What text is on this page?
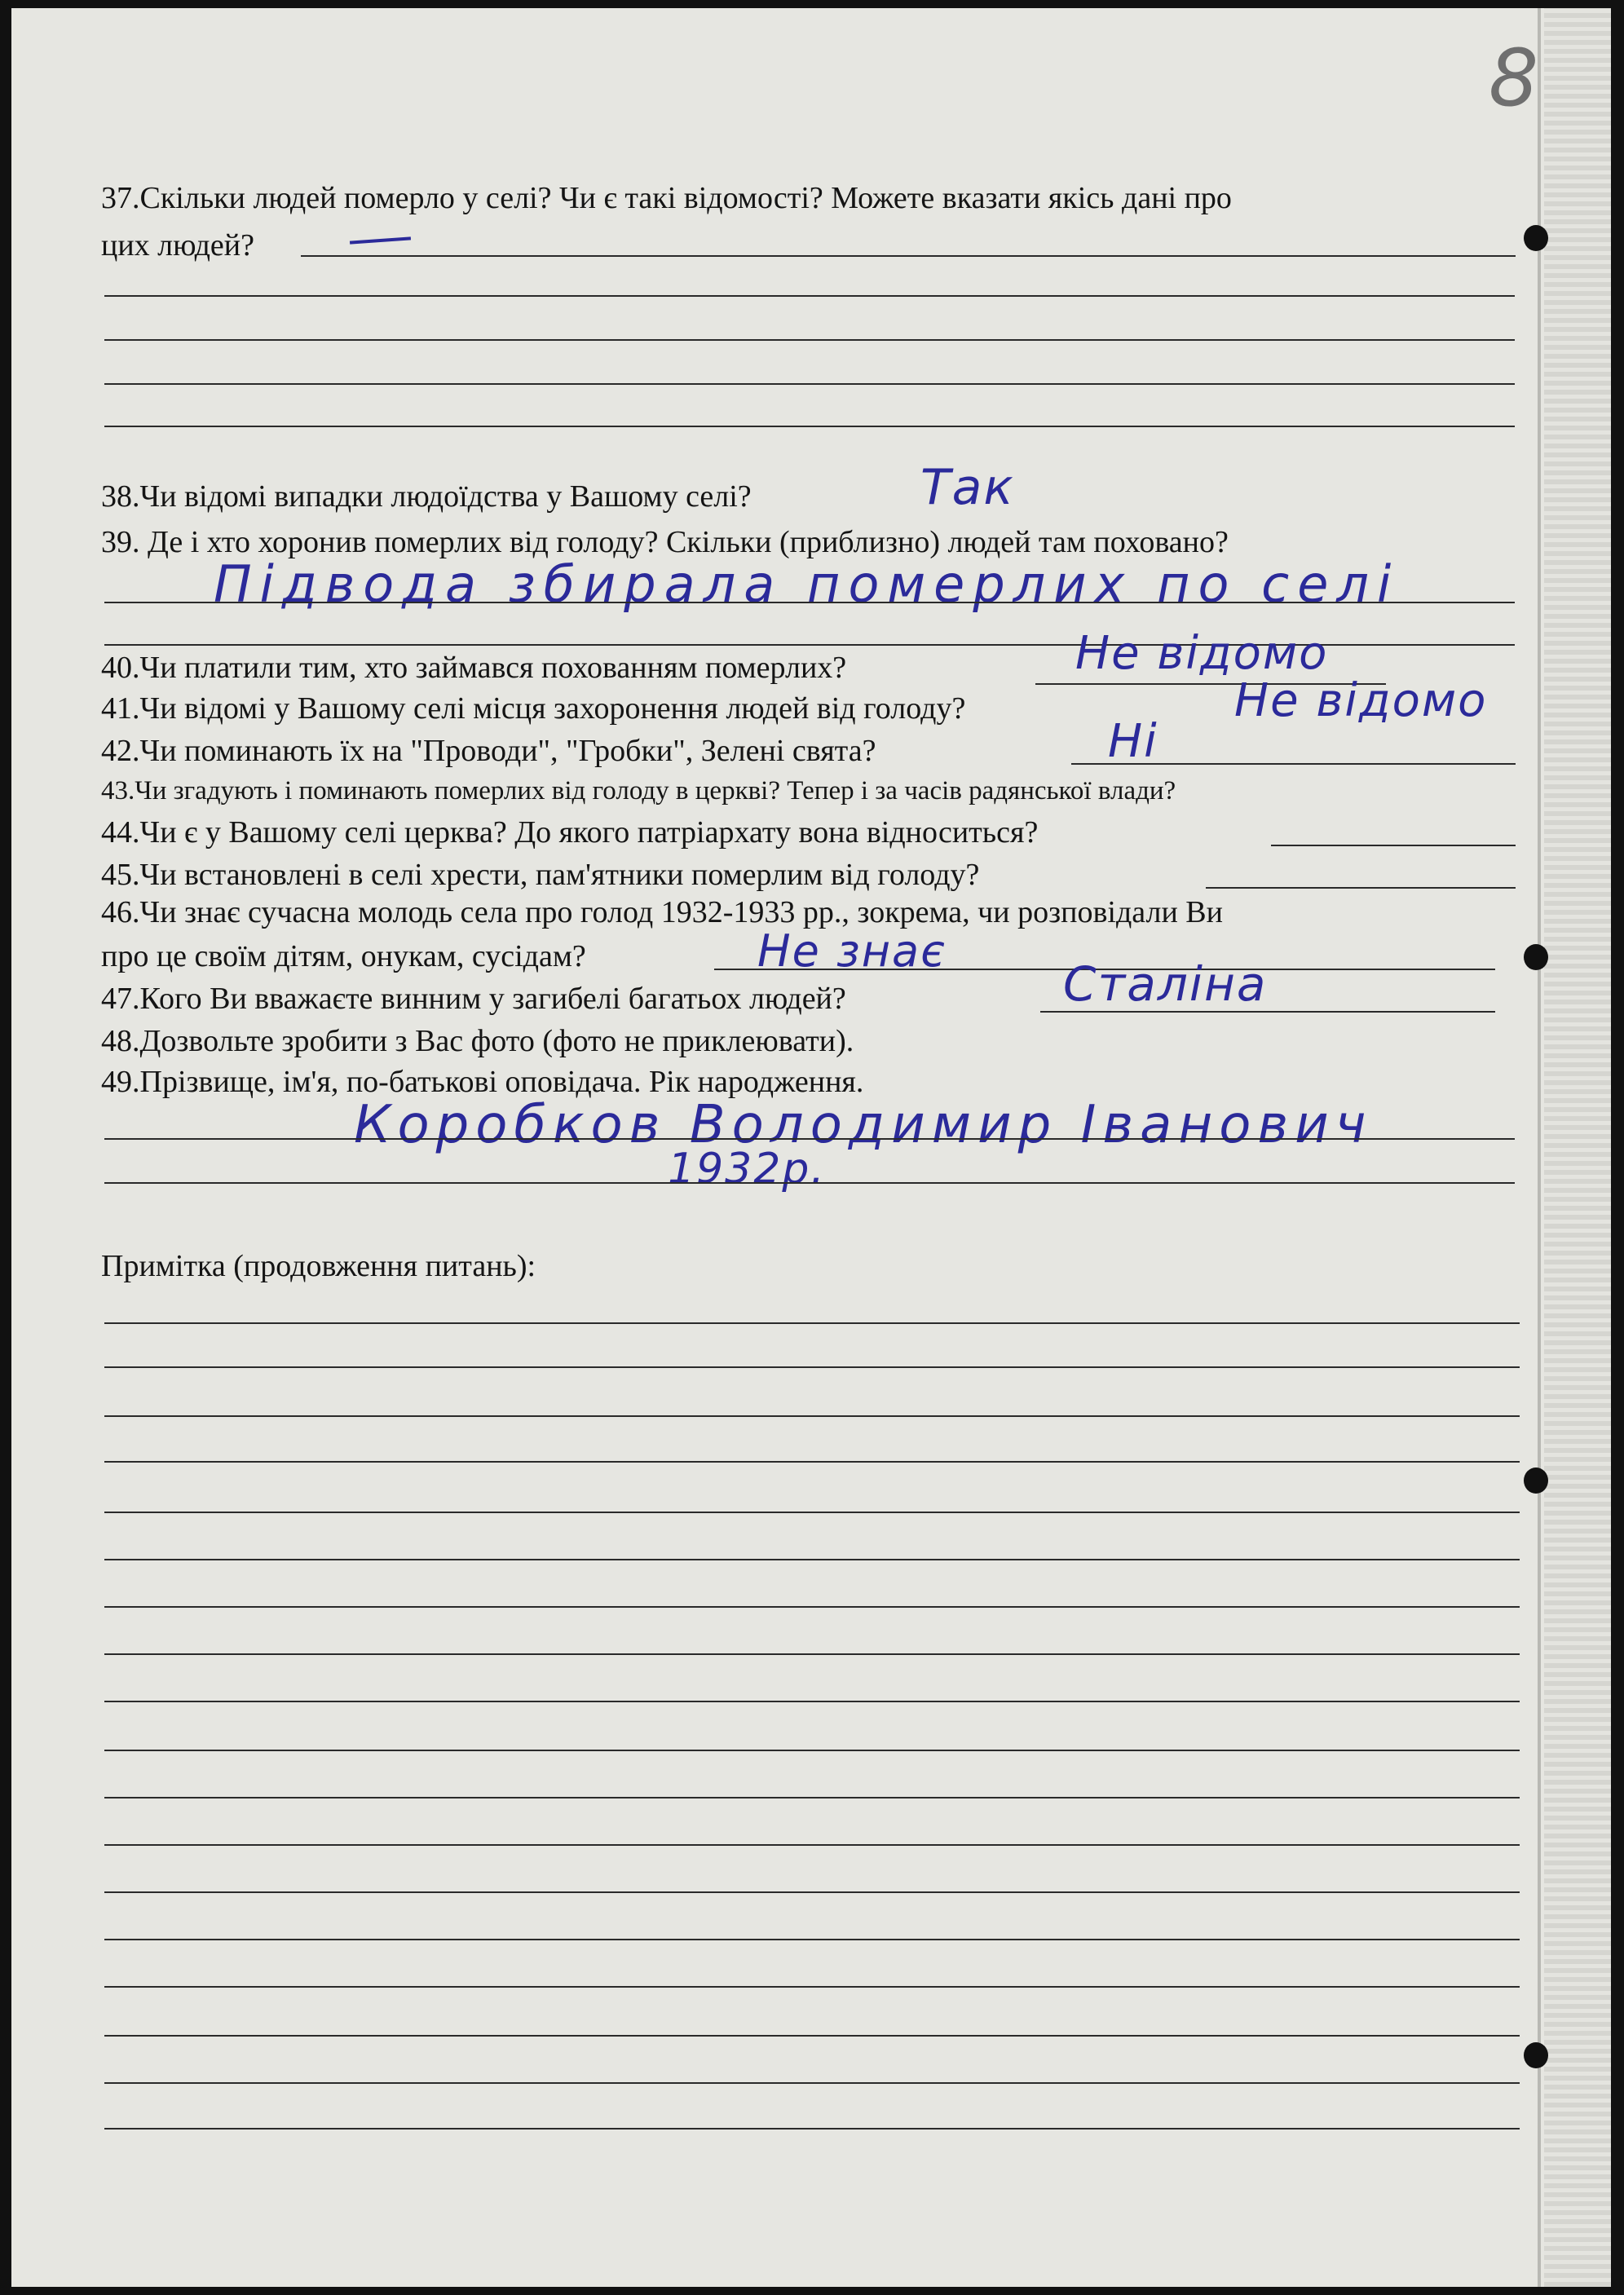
8
37.Скільки людей померло у селі? Чи є такі відомості? Можете вказати якісь дані про
цих людей?
38.Чи відомі випадки людоїдства у Вашому селі?	Так
39. Де і хто хоронив померлих від голоду? Скільки (приблизно) людей там поховано?
Підвода збирала померлих по селі
40.Чи платили тим, хто займався похованням померлих?	Не відомо
41.Чи відомі у Вашому селі місця захоронення людей від голоду?	Не відомо
42.Чи поминають їх на "Проводи", "Гробки", Зелені свята?	Ні
43.Чи згадують і поминають померлих від голоду в церкві? Тепер і за часів радянської влади?
44.Чи є у Вашому селі церква? До якого патріархату вона відноситься?
45.Чи встановлені в селі хрести, пам'ятники померлим від голоду?
46.Чи знає сучасна молодь села про голод 1932-1933 рр., зокрема, чи розповідали Ви
про це своїм дітям, онукам, сусідам?	Не знає
47.Кого Ви вважаєте винним у загибелі багатьох людей?	Сталіна
48.Дозвольте зробити з Вас фото (фото не приклеювати).
49.Прізвище, ім'я, по-батькові оповідача. Рік народження.
Коробков Володимир Іванович
1932р.
Примітка (продовження питань):
